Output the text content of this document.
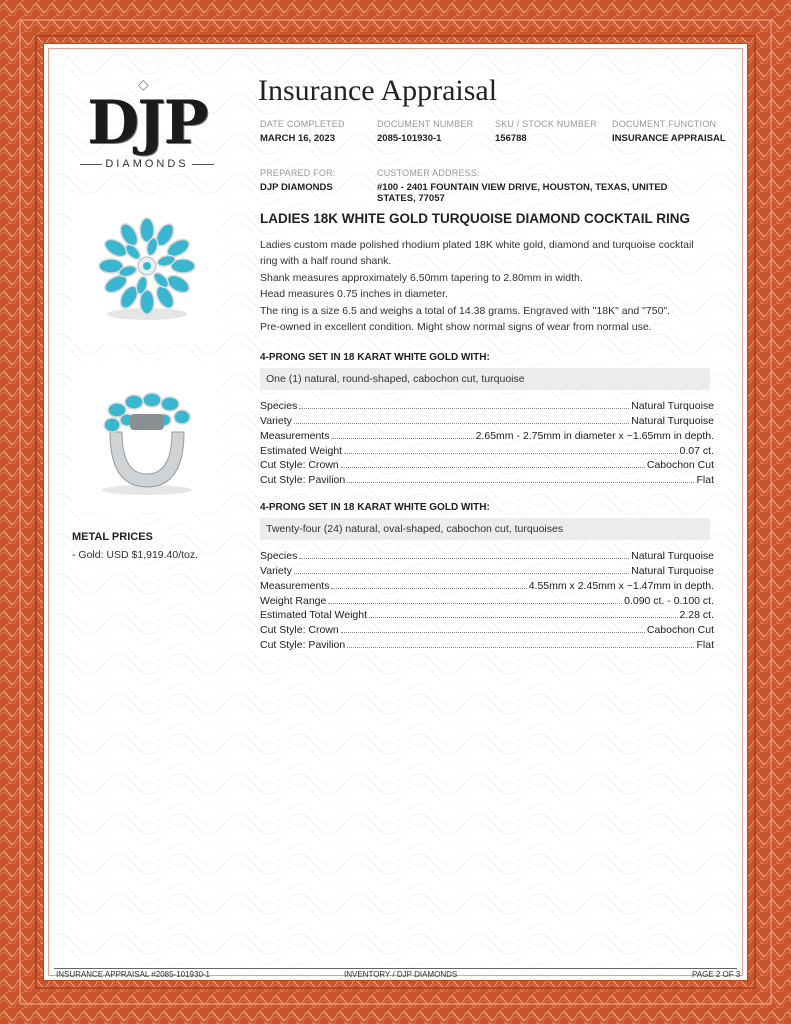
◇
DJP
DIAMONDS
Insurance Appraisal
DATE COMPLETED
MARCH 16, 2023
DOCUMENT NUMBER
2085-101930-1
SKU / STOCK NUMBER
156788
DOCUMENT FUNCTION
INSURANCE APPRAISAL
PREPARED FOR:
DJP DIAMONDS
CUSTOMER ADDRESS:
#100 - 2401 FOUNTAIN VIEW DRIVE, HOUSTON, TEXAS, UNITED
STATES, 77057
METAL PRICES
- Gold: USD $1,919.40/toz.
LADIES 18K WHITE GOLD TURQUOISE DIAMOND COCKTAIL RING
Ladies custom made polished rhodium plated 18K white gold, diamond and turquoise cocktail
ring with a half round shank.
Shank measures approximately 6.50mm tapering to 2.80mm in width.
Head measures 0.75 inches in diameter.
The ring is a size 6.5 and weighs a total of 14.38 grams. Engraved with "18K" and "750".
Pre-owned in excellent condition. Might show normal signs of wear from normal use.
4-PRONG SET IN 18 KARAT WHITE GOLD WITH:
One (1) natural, round-shaped, cabochon cut, turquoise
Species	Natural Turquoise
Variety	Natural Turquoise
Measurements	2.65mm - 2.75mm in diameter x ~1.65mm in depth.
Estimated Weight	0.07 ct.
Cut Style: Crown	Cabochon Cut
Cut Style: Pavilion	Flat
4-PRONG SET IN 18 KARAT WHITE GOLD WITH:
Twenty-four (24) natural, oval-shaped, cabochon cut, turquoises
Species	Natural Turquoise
Variety	Natural Turquoise
Measurements	4.55mm x 2.45mm x ~1.47mm in depth.
Weight Range	0.090 ct. - 0.100 ct.
Estimated Total Weight	2.28 ct.
Cut Style: Crown	Cabochon Cut
Cut Style: Pavilion	Flat
INSURANCE APPRAISAL #2085-101930-1	INVENTORY / DJP DIAMONDS	PAGE 2 OF 3
